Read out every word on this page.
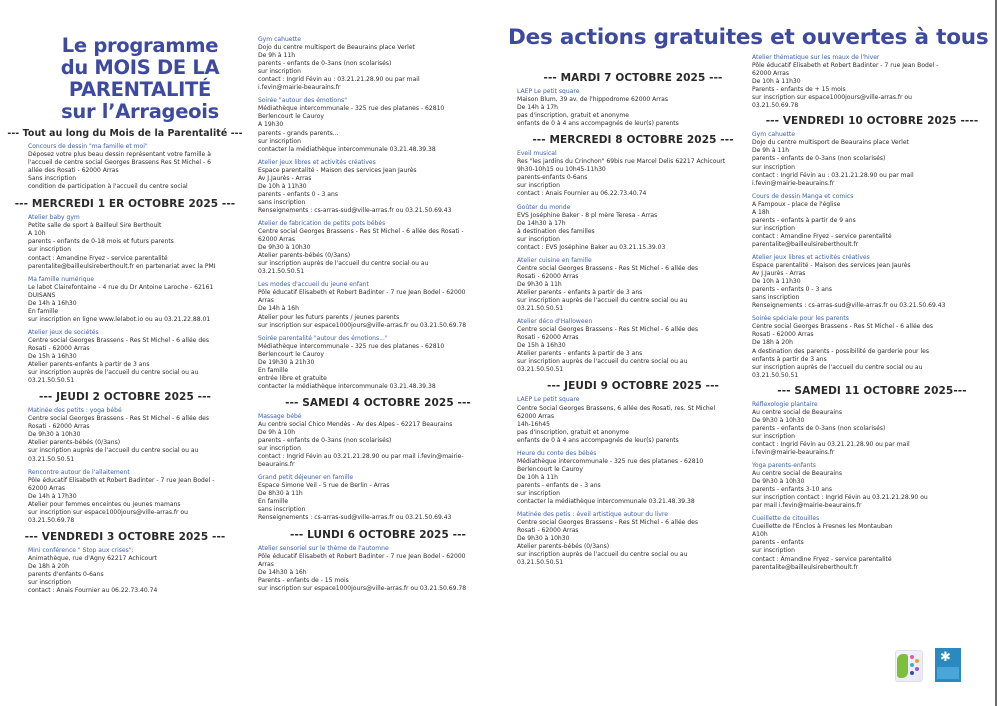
Le programme
du MOIS DE LA
PARENTALITÉ
sur l’Arrageois
Des actions gratuites et ouvertes à tous
--- Tout au long du Mois de la Parentalité ---
Concours de dessin "ma famille et moi"
Déposez votre plus beau dessin représentant votre famille à
l'accueil de centre social Georges Brassens Res St Michel - 6
allée des Rosati - 62000 Arras
Sans inscription
condition de participation à l'accueil du centre social
--- MERCREDI 1 ER OCTOBRE 2025 ---
Atelier baby gym
Petite salle de sport à Bailleul Sire Berthoult
A 10h
parents - enfants de 0-18 mois et futurs parents
sur inscription
contact : Amandine Fryez - service parentalité
parentalite@bailleulsireberthoult.fr en partenariat avec la PMI
Ma famille numérique
Le labot Clairefontaine - 4 rue du Dr Antoine Laroche - 62161
DUISANS
De 14h à 16h30
En famille
sur inscription en ligne www.lelabot.io ou au 03.21.22.88.01
Atelier jeux de sociétés
Centre social Georges Brassens - Res St Michel - 6 allée des
Rosati - 62000 Arras
De 15h à 16h30
Atelier parents-enfants à partir de 3 ans
sur inscription auprès de l'accueil du centre social ou au
03.21.50.50.51
--- JEUDI 2 OCTOBRE 2025 ---
Matinée des petits : yoga bébé
Centre social Georges Brassens - Res St Michel - 6 allée des
Rosati - 62000 Arras
De 9h30 à 10h30
Atelier parents-bébés (0/3ans)
sur inscription auprès de l'accueil du centre social ou au
03.21.50.50.51
Rencontre autour de l'allaitement
Pôle éducatif Elisabeth et Robert Badinter - 7 rue Jean Bodel -
62000 Arras
De 14h à 17h30
Atelier pour femmes enceintes ou jeunes mamans
sur inscription sur espace1000jours@ville-arras.fr ou
03.21.50.69.78
--- VENDREDI 3 OCTOBRE 2025 ---
Mini conférence " Stop aux crises":
Animathèque, rue d'Agny 62217 Achicourt
De 18h à 20h
parents d'enfants 0-6ans
sur inscription
contact : Anais Fournier au 06.22.73.40.74
Gym cahuette
Dojo du centre multisport de Beaurains place Verlet
De 9h à 11h
parents - enfants de 0-3ans (non scolarisés)
sur inscription
contact : Ingrid Févin au : 03.21.21.28.90 ou par mail
i.fevin@mairie-beaurains.fr
Soirée "autour des émotions"
Médiathèque intercommunale - 325 rue des platanes - 62810
Berlencourt le Cauroy
A 19h30
parents - grands parents...
sur inscription
contacter la médiathèque intercommunale 03.21.48.39.38
Atelier jeux libres et activités créatives
Espace parentalité - Maison des services Jean Jaurès
Av J.Jaurès - Arras
De 10h à 11h30
parents - enfants 0 - 3 ans
sans inscription
Renseignements : cs-arras-sud@ville-arras.fr ou 03.21.50.69.43
Atelier de fabrication de petits pots bébés
Centre social Georges Brassens - Res St Michel - 6 allée des Rosati -
62000 Arras
De 9h30 à 10h30
Atelier parents-bébés (0/3ans)
sur inscription auprès de l'accueil du centre social ou au
03.21.50.50.51
Les modes d'accueil du jeune enfant
Pôle éducatif Elisabeth et Robert Badinter - 7 rue Jean Bodel - 62000
Arras
De 14h à 16h
Atelier pour les futurs parents / jeunes parents
sur inscription sur espace1000jours@ville-arras.fr ou 03.21.50.69.78
Soirée parentalité "autour des émotions..."
Médiathèque intercommunale - 325 rue des platanes - 62810
Berlencourt le Cauroy
De 19h30 à 21h30
En famille
entrée libre et gratuite
contacter la médiathèque intercommunale 03.21.48.39.38
--- SAMEDI 4 OCTOBRE 2025 ---
Massage bébé
Au centre social Chico Mendès - Av des Alpes - 62217 Beaurains
De 9h à 10h
parents - enfants de 0-3ans (non scolarisés)
sur inscription
contact : Ingrid Févin au 03.21.21.28.90 ou par mail i.fevin@mairie-
beaurains.fr
Grand petit déjeuner en famille
Espace Simone Veil - 5 rue de Berlin - Arras
De 8h30 à 11h
En famille
sans inscription
Renseignements : cs-arras-sud@ville-arras.fr ou 03.21.50.69.43
--- LUNDI 6 OCTOBRE 2025 ---
Atelier sensoriel sur le thème de l'automne
Pôle éducatif Elisabeth et Robert Badinter - 7 rue Jean Bodel - 62000
Arras
De 14h30 à 16h
Parents - enfants de - 15 mois
sur inscription sur espace1000jours@ville-arras.fr ou 03.21.50.69.78
--- MARDI 7 OCTOBRE 2025 ---
LAEP Le petit square
Maison Blum, 39 av. de l'hippodrome 62000 Arras
De 14h à 17h
pas d'inscription, gratuit et anonyme
enfants de 0 à 4 ans accompagnés de leur(s) parents
--- MERCREDI 8 OCTOBRE 2025 ---
Eveil musical
Res "les jardins du Crinchon" 69bis rue Marcel Delis 62217 Achicourt
9h30-10h15 ou 10h45-11h30
parents-enfants 0-6ans
sur inscription
contact : Anais Fournier au 06.22.73.40.74
Goûter du monde
EVS Joséphine Baker - 8 pl mère Teresa - Arras
De 14h30 à 17h
à destination des familles
sur inscription
contact : EVS Joséphine Baker au 03.21.15.39.03
Atelier cuisine en famille
Centre social Georges Brassens - Res St Michel - 6 allée des
Rosati - 62000 Arras
De 9h30 à 11h
Atelier parents - enfants à partir de 3 ans
sur inscription auprès de l'accueil du centre social ou au
03.21.50.50.51
Atelier déco d'Halloween
Centre social Georges Brassens - Res St Michel - 6 allée des
Rosati - 62000 Arras
De 15h à 16h30
Atelier parents - enfants à partir de 3 ans
sur inscription auprès de l'accueil du centre social ou au
03.21.50.50.51
--- JEUDI 9 OCTOBRE 2025 ---
LAEP Le petit square
Centre Social Georges Brassens, 6 allée des Rosati, res. St Michel
62000 Arras
14h-16h45
pas d'inscription, gratuit et anonyme
enfants de 0 à 4 ans accompagnés de leur(s) parents
Heure du conte des bébés
Médiathèque intercommunale - 325 rue des platanes - 62810
Berlencourt le Cauroy
De 10h à 11h
parents - enfants de - 3 ans
sur inscription
contacter la médiathèque intercommunale 03.21.48.39.38
Matinée des petis : éveil artistique autour du livre
Centre social Georges Brassens - Res St Michel - 6 allée des
Rosati - 62000 Arras
De 9h30 à 10h30
Atelier parents-bébés (0/3ans)
sur inscription auprès de l'accueil du centre social ou au
03.21.50.50.51
Atelier thématique sur les maux de l'hiver
Pôle éducatif Elisabeth et Robert Badinter - 7 rue Jean Bodel -
62000 Arras
De 10h à 11h30
Parents - enfants de + 15 mois
sur inscription sur espace1000jours@ville-arras.fr ou
03.21.50.69.78
--- VENDREDI 10 OCTOBRE 2025 ----
Gym cahuette
Dojo du centre multisport de Beaurains place Verlet
De 9h à 11h
parents - enfants de 0-3ans (non scolarisés)
sur inscription
contact : Ingrid Févin au : 03.21.21.28.90 ou par mail
i.fevin@mairie-beaurains.fr
Cours de dessin Manga et comics
A Fampoux - place de l'église
A 18h
parents - enfants à partir de 9 ans
sur inscription
contact : Amandine Fryez - service parentalité
parentalite@bailleulsireberthoult.fr
Atelier jeux libres et activités créatives
Espace parentalité - Maison des services Jean Jaurès
Av J.Jaurès - Arras
De 10h à 11h30
parents - enfants 0 - 3 ans
sans inscription
Renseignements : cs-arras-sud@ville-arras.fr ou 03.21.50.69.43
Soirée spéciale pour les parents
Centre social Georges Brassens - Res St Michel - 6 allée des
Rosati - 62000 Arras
De 18h à 20h
A destination des parents - possibilité de garderie pour les
enfants à partir de 3 ans
sur inscription auprès de l'accueil du centre social ou au
03.21.50.50.51
--- SAMEDI 11 OCTOBRE 2025---
Réflexologie plantaire
Au centre social de Beaurains
De 9h30 à 10h30
parents - enfants de 0-3ans (non scolarisés)
sur inscription
contact : Ingrid Févin au 03.21.21.28.90 ou par mail
i.fevin@mairie-beaurains.fr
Yoga parents-enfants
Au centre social de Beaurains
De 9h30 à 10h30
parents - enfants 3-10 ans
sur inscription contact : Ingrid Févin au 03.21.21.28.90 ou
par mail i.fevin@mairie-beaurains.fr
Cueillette de citouilles
Cueillette de l'Enclos à Fresnes les Montauban
A10h
parents - enfants
sur inscription
contact : Amandine Fryez - service parentalité
parentalite@bailleulsireberthoult.fr
✱
